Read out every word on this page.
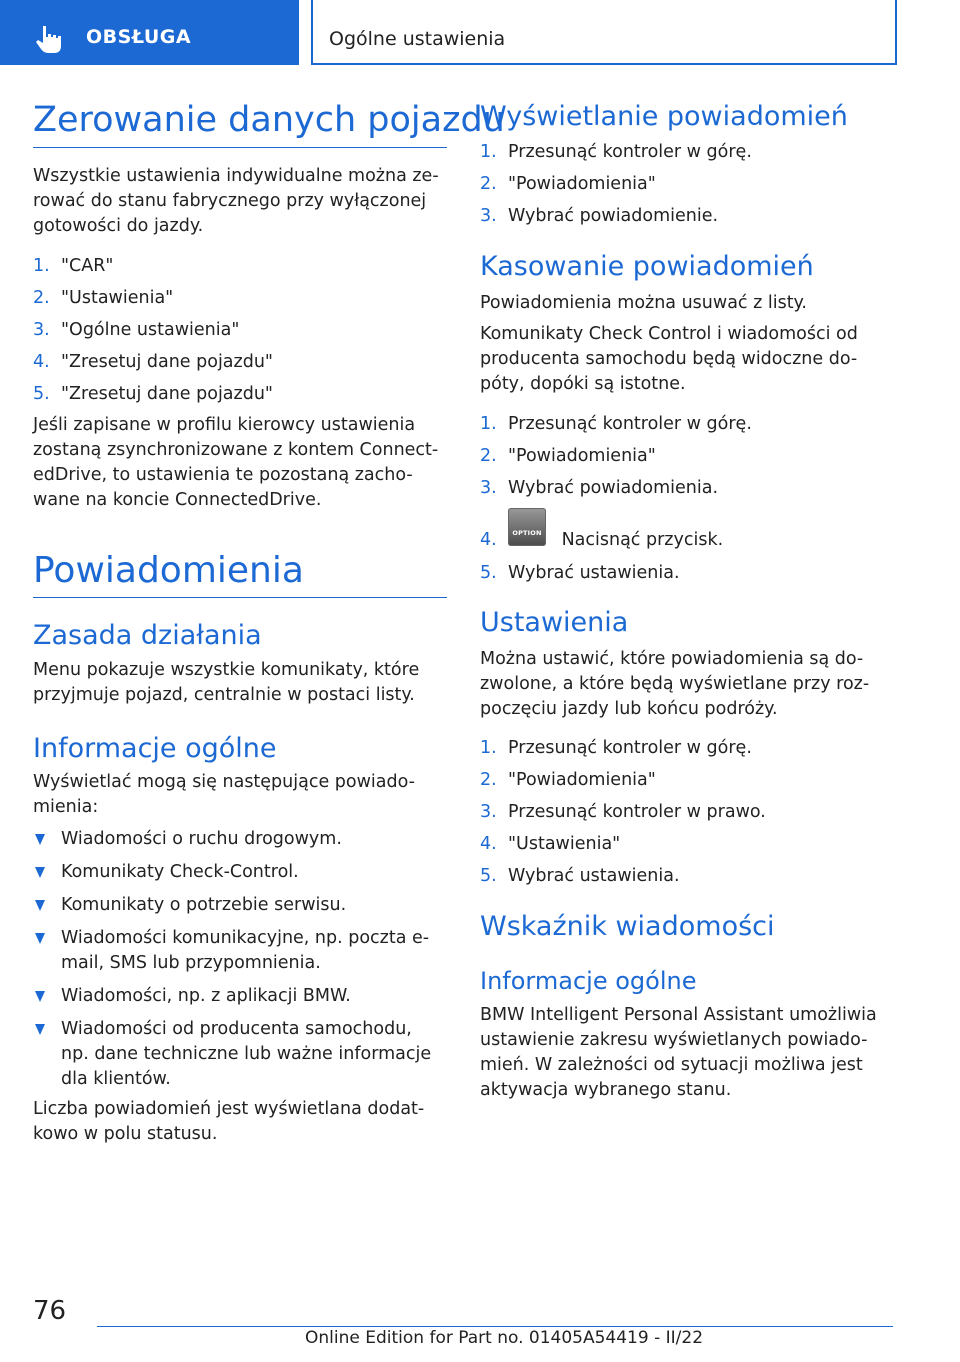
OBSŁUGA	Ogólne ustawienia
Zerowanie danych pojazdu
Wszystkie ustawienia indywidualne można ze-
rować do stanu fabrycznego przy wyłączonej
gotowości do jazdy.
1. "CAR"
2. "Ustawienia"
3. "Ogólne ustawienia"
4. "Zresetuj dane pojazdu"
5. "Zresetuj dane pojazdu"
Jeśli zapisane w profilu kierowcy ustawienia
zostaną zsynchronizowane z kontem Connect-
edDrive, to ustawienia te pozostaną zacho-
wane na koncie ConnectedDrive.
Powiadomienia
Zasada działania
Menu pokazuje wszystkie komunikaty, które
przyjmuje pojazd, centralnie w postaci listy.
Informacje ogólne
Wyświetlać mogą się następujące powiado-
mienia:
Wiadomości o ruchu drogowym.
Komunikaty Check-Control.
Komunikaty o potrzebie serwisu.
Wiadomości komunikacyjne, np. poczta e-
mail, SMS lub przypomnienia.
Wiadomości, np. z aplikacji BMW.
Wiadomości od producenta samochodu,
np. dane techniczne lub ważne informacje
dla klientów.
Liczba powiadomień jest wyświetlana dodat-
kowo w polu statusu.
Wyświetlanie powiadomień
1. Przesunąć kontroler w górę.
2. "Powiadomienia"
3. Wybrać powiadomienie.
Kasowanie powiadomień
Powiadomienia można usuwać z listy.
Komunikaty Check Control i wiadomości od
producenta samochodu będą widoczne do-
póty, dopóki są istotne.
1. Przesunąć kontroler w górę.
2. "Powiadomienia"
3. Wybrać powiadomienia.
4.	OPTION Nacisnąć przycisk.
5. Wybrać ustawienia.
Ustawienia
Można ustawić, które powiadomienia są do-
zwolone, a które będą wyświetlane przy roz-
poczęciu jazdy lub końcu podróży.
1. Przesunąć kontroler w górę.
2. "Powiadomienia"
3. Przesunąć kontroler w prawo.
4. "Ustawienia"
5. Wybrać ustawienia.
Wskaźnik wiadomości
Informacje ogólne
BMW Intelligent Personal Assistant umożliwia
ustawienie zakresu wyświetlanych powiado-
mień. W zależności od sytuacji możliwa jest
aktywacja wybranego stanu.
76
Online Edition for Part no. 01405A54419 - II/22
